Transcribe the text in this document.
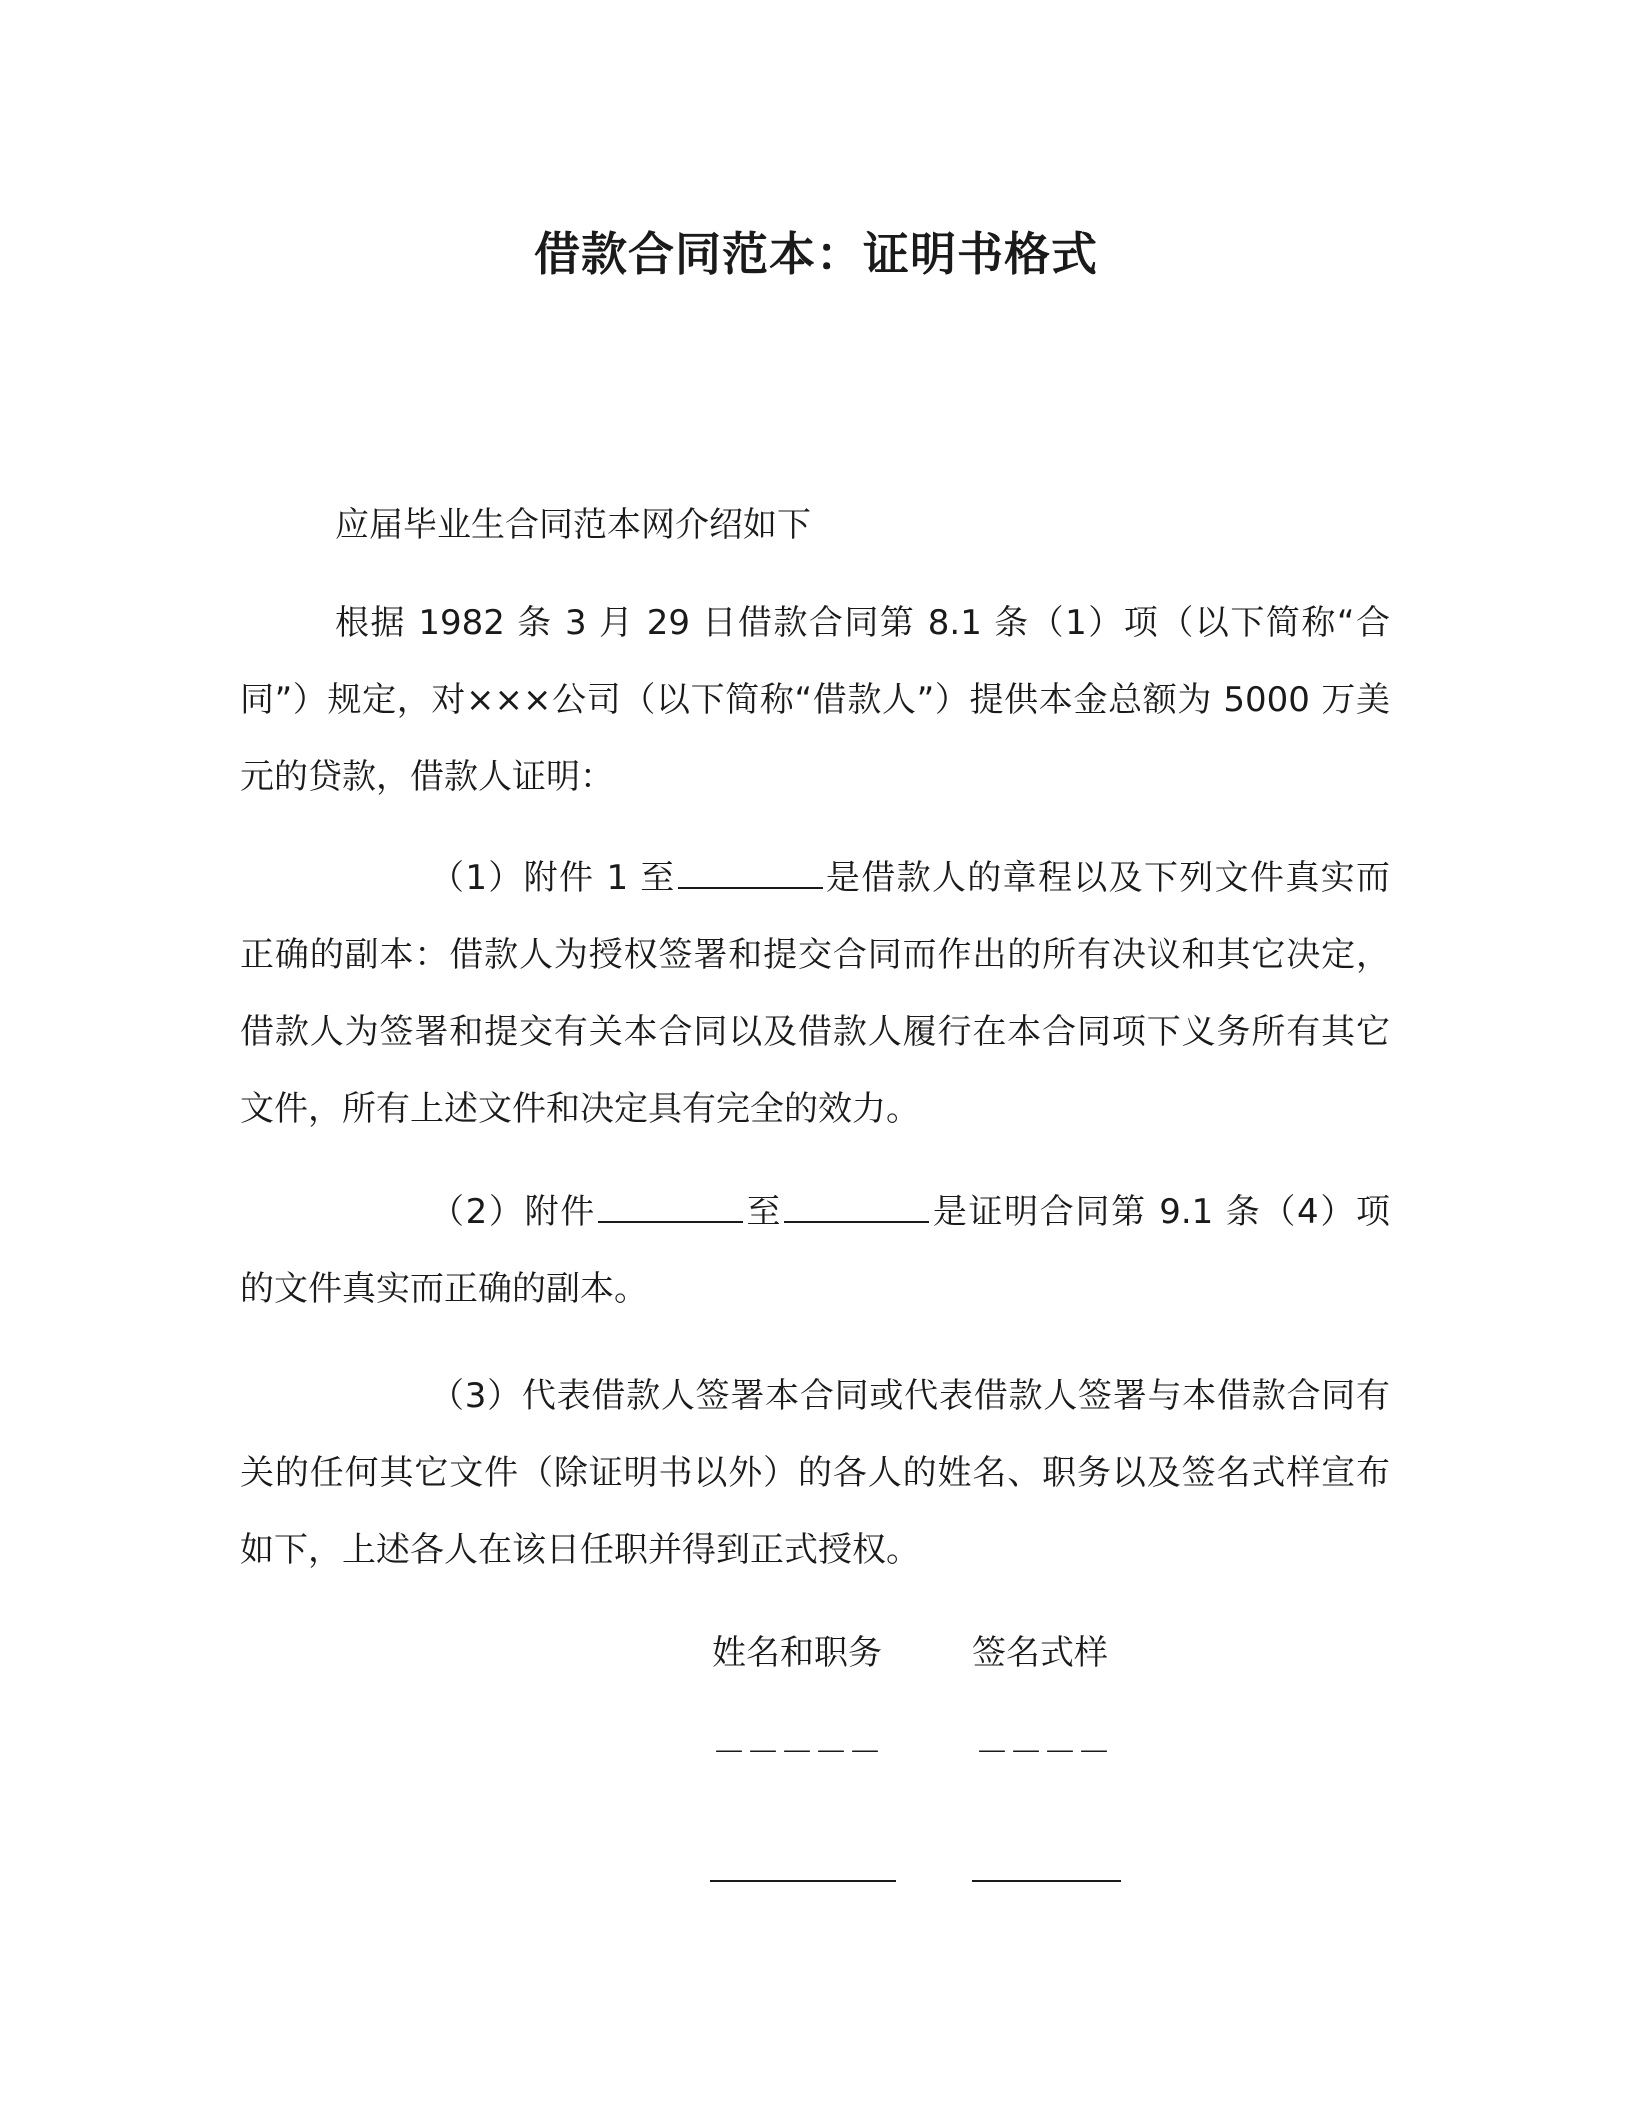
借款合同范本：证明书格式

应届毕业生合同范本网介绍如下

根据 1982 条 3 月 29 日借款合同第 8.1 条（1）项（以下简称“合同”）规定，对×××公司（以下简称“借款人”）提供本金总额为 5000 万美元的贷款，借款人证明：

（1）附件 1 至	是借款人的章程以及下列文件真实而正确的副本：借款人为授权签署和提交合同而作出的所有决议和其它决定，借款人为签署和提交有关本合同以及借款人履行在本合同项下义务所有其它文件，所有上述文件和决定具有完全的效力。

（2）附件	至	是证明合同第 9.1 条（4）项的文件真实而正确的副本。

（3）代表借款人签署本合同或代表借款人签署与本借款合同有关的任何其它文件（除证明书以外）的各人的姓名、职务以及签名式样宣布如下，上述各人在该日任职并得到正式授权。

姓名和职务	签名式样
－－－－－	－－－－
